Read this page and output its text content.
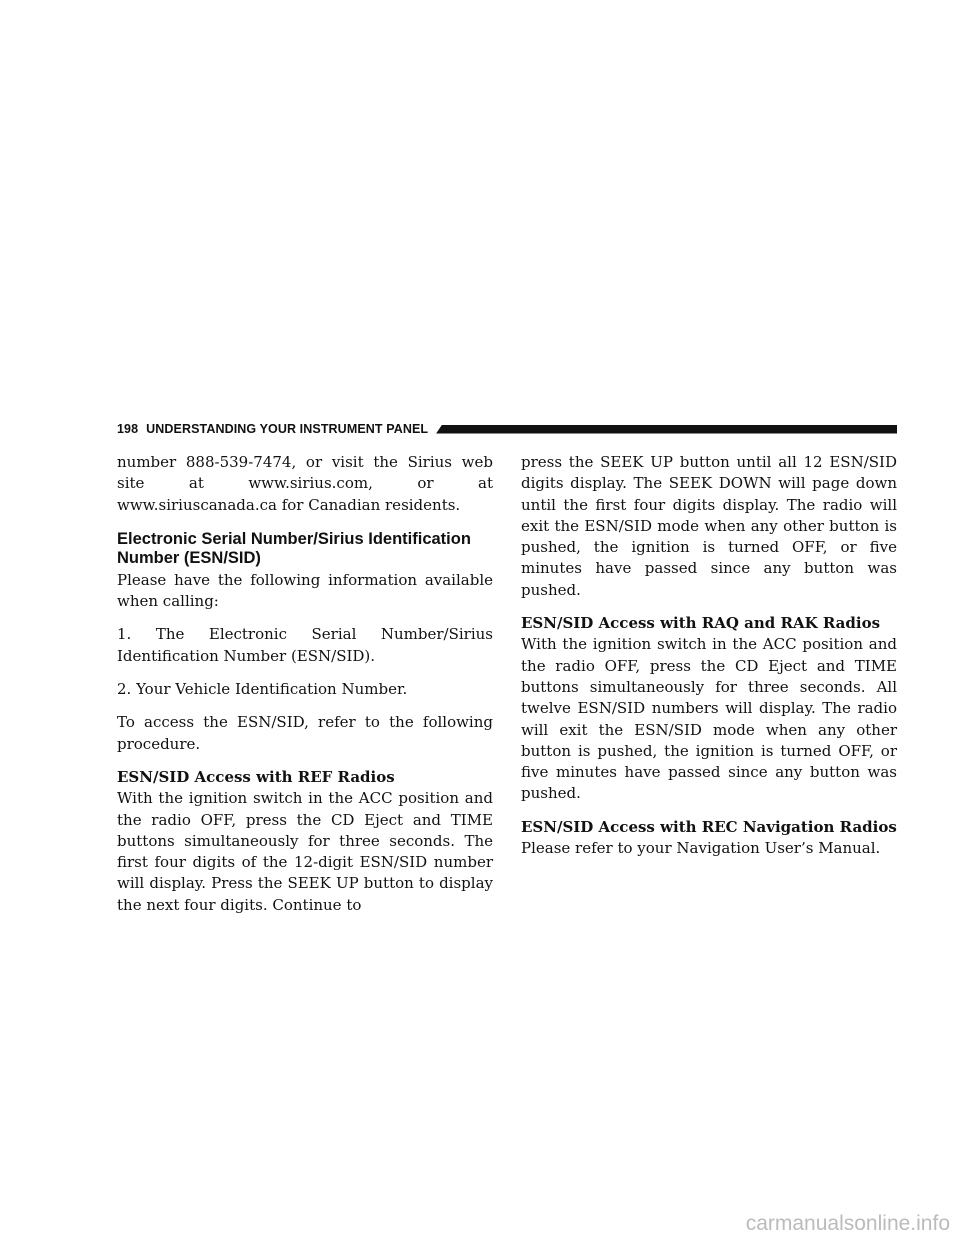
198 UNDERSTANDING YOUR INSTRUMENT PANEL

number 888-539-7474, or visit the Sirius web site at www.sirius.com, or at www.siriuscanada.ca for Canadian residents.

Electronic Serial Number/Sirius Identification Number (ESN/SID)

Please have the following information available when calling:

1. The Electronic Serial Number/Sirius Identification Number (ESN/SID).

2. Your Vehicle Identification Number.

To access the ESN/SID, refer to the following procedure.

ESN/SID Access with REF Radios

With the ignition switch in the ACC position and the radio OFF, press the CD Eject and TIME buttons simultaneously for three seconds. The first four digits of the 12-digit ESN/SID number will display. Press the SEEK UP button to display the next four digits. Continue to

press the SEEK UP button until all 12 ESN/SID digits display. The SEEK DOWN will page down until the first four digits display. The radio will exit the ESN/SID mode when any other button is pushed, the ignition is turned OFF, or five minutes have passed since any button was pushed.

ESN/SID Access with RAQ and RAK Radios

With the ignition switch in the ACC position and the radio OFF, press the CD Eject and TIME buttons simultaneously for three seconds. All twelve ESN/SID numbers will display. The radio will exit the ESN/SID mode when any other button is pushed, the ignition is turned OFF, or five minutes have passed since any button was pushed.

ESN/SID Access with REC Navigation Radios

Please refer to your Navigation User’s Manual.

carmanualsonline.info
